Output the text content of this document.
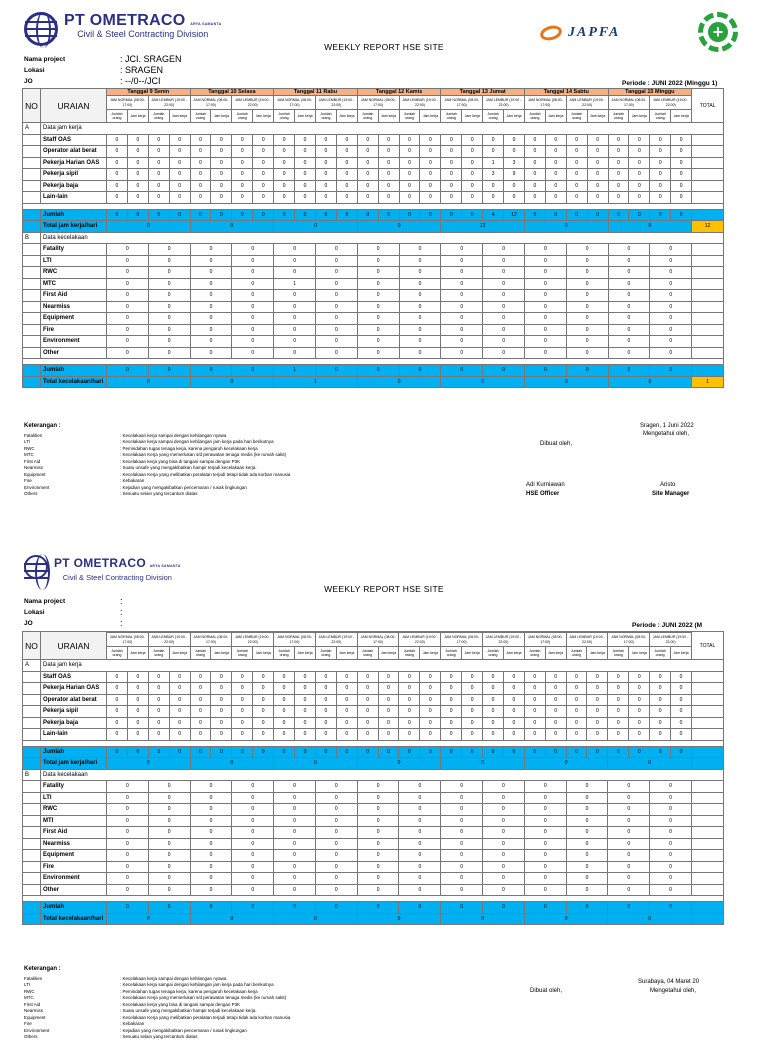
PT OMETRACO ARYA SAMANTA
Civil & Steel Contracting Division	JAPFA	+
WEEKLY REPORT HSE SITE
Nama project	: JCI. SRAGEN
Lokasi	: SRAGEN
JO	: --/0--/JCI	Periode : JUNI 2022 (Minggu 1)
NO	URAIAN	Tanggal 9 Senin				Tanggal 10 Selasa				Tanggal 11 Rabu				Tanggal 12 Kamis				Tanggal 13 Jumat				Tanggal 14 Sabtu				Tanggal 15 Minggu				TOTAL
		JAM NORMAL (08:00-17:00)		JAM LEMBUR (19:00 - 22:00)		JAM NORMAL (08:00-17:00)		JAM LEMBUR (19:00 - 22:00)		JAM NORMAL (08:00-17:00)		JAM LEMBUR (19:00 - 22:00)		JAM NORMAL (08:00-17:00)		JAM LEMBUR (19:00 - 22:00)		JAM NORMAL (08:00-17:00)		JAM LEMBUR (19:00 - 22:00)		JAM NORMAL (08:00-17:00)		JAM LEMBUR (19:00 - 22:00)		JAM NORMAL (08:00-17:00)		JAM LEMBUR (19:00 - 22:00)		
		Jumlah orang	Jam kerja	Jumlah orang	Jam kerja	Jumlah orang	Jam kerja	Jumlah orang	Jam kerja	Jumlah orang	Jam kerja	Jumlah orang	Jam kerja	Jumlah orang	Jam kerja	Jumlah orang	Jam kerja	Jumlah orang	Jam kerja	Jumlah orang	Jam kerja	Jumlah orang	Jam kerja	Jumlah orang	Jam kerja	Jumlah orang	Jam kerja	Jumlah orang	Jam kerja	
A	Data jam kerja																													
	Staff OAS	0	0	0	0	0	0	0	0	0	0	0	0	0	0	0	0	0	0	0	0	0	0	0	0	0	0	0	0	
	Operator alat berat	0	0	0	0	0	0	0	0	0	0	0	0	0	0	0	0	0	0	0	0	0	0	0	0	0	0	0	0	
	Pekerja Harian OAS	0	0	0	0	0	0	0	0	0	0	0	0	0	0	0	0	0	0	1	3	0	0	0	0	0	0	0	0	
	Pekerja sipil	0	0	0	0	0	0	0	0	0	0	0	0	0	0	0	0	0	0	3	9	0	0	0	0	0	0	0	0	
	Pekerja baja	0	0	0	0	0	0	0	0	0	0	0	0	0	0	0	0	0	0	0	0	0	0	0	0	0	0	0	0	
	Lain-lain	0	0	0	0	0	0	0	0	0	0	0	0	0	0	0	0	0	0	0	0	0	0	0	0	0	0	0	0	

	Jumlah	0	0	0	0	0	0	0	0	0	0	0	0	0	0	0	0	0	0	4	12	0	0	0	0	0	0	0	0	
	Total jam kerja/hari	0				0				0				0				12				0				0				12
B	Data kecelakaan																													
	Fatality	0		0		0		0		0		0		0		0		0		0		0		0		0		0		
	LTI	0		0		0		0		0		0		0		0		0		0		0		0		0		0		
	RWC	0		0		0		0		0		0		0		0		0		0		0		0		0		0		
	MTC	0		0		0		0		1		0		0		0		0		0		0		0		0		0		
	First Aid	0		0		0		0		0		0		0		0		0		0		0		0		0		0		
	Nearmiss	0		0		0		0		0		0		0		0		0		0		0		0		0		0		
	Equipment	0		0		0		0		0		0		0		0		0		0		0		0		0		0		
	Fire	0		0		0		0		0		0		0		0		0		0		0		0		0		0		
	Environment	0		0		0		0		0		0		0		0		0		0		0		0		0		0		
	Other	0		0		0		0		0		0		0		0		0		0		0		0		0		0		

	Jumlah	0		0		0		0		1		0		0		0		0		0		0		0		0		0		
	Total kecelakaan/hari	0				0				1				0				0				0				0				1
Keterangan :
Fatalities	: Kecelakaan kerja sampai dengan kehilangan nyawa
LTI	: Kecelakaan kerja sampai dengan kehilangan jam kerja pada hari berikutnya
RWC	: Pemindahan tugas tenaga kerja, karena pengaruh kecelakaan kerja
MTC	: Kecelakaan Kerja yang memerlukan s/d perawatan tenaga medis (ke rumah sakit)
First Aid	: Kecelakaan kerja yang bisa di tangani sampai dengan P3K
Nearmiss	: Suatu unsafe yang mengakibatkan hampir terjadi kecelakaan kerja.
Equipment	: Kecelakaan Kerja yang melibatkan peralatan terjadi tetapi tidak ada korban manusia
Fire	: Kebakaran
Environment	: Kejadian yang mengakibatkan pencemaran / rusak lingkungan
Others	: Sesuatu selain yang tercantum diatas
Sragen, 1 Juni 2022
Mengetahui oleh,
Dibuat oleh,
Adi Kurniawan
HSE Officer
Aristo
Site Manager
PT OMETRACO ARYA SAMANTA
Civil & Steel Contracting Division
WEEKLY REPORT HSE SITE
Nama project	:
Lokasi	:
JO	:	Periode : JUNI 2022 (M
NO	URAIAN																													TOTAL
		JAM NORMAL (08:00-17:00)		JAM LEMBUR (19:00 - 22:00)		JAM NORMAL (08:00-17:00)		JAM LEMBUR (19:00 - 22:00)		JAM NORMAL (08:00-17:00)		JAM LEMBUR (19:00 - 22:00)		JAM NORMAL (08:00-17:00)		JAM LEMBUR (19:00 - 22:00)		JAM NORMAL (08:00-17:00)		JAM LEMBUR (19:00 - 22:00)		JAM NORMAL (08:00-17:00)		JAM LEMBUR (19:00 - 22:00)		JAM NORMAL (08:00-17:00)		JAM LEMBUR (19:00 - 22:00)		
		Jumlah orang	Jam kerja	Jumlah orang	Jam kerja	Jumlah orang	Jam kerja	Jumlah orang	Jam kerja	Jumlah orang	Jam kerja	Jumlah orang	Jam kerja	Jumlah orang	Jam kerja	Jumlah orang	Jam kerja	Jumlah orang	Jam kerja	Jumlah orang	Jam kerja	Jumlah orang	Jam kerja	Jumlah orang	Jam kerja	Jumlah orang	Jam kerja	Jumlah orang	Jam kerja	
A	Data jam kerja																													
	Staff OAS	0	0	0	0	0	0	0	0	0	0	0	0	0	0	0	0	0	0	0	0	0	0	0	0	0	0	0	0	
	Pekerja Harian OAS	0	0	0	0	0	0	0	0	0	0	0	0	0	0	0	0	0	0	0	0	0	0	0	0	0	0	0	0	
	Operator alat berat	0	0	0	0	0	0	0	0	0	0	0	0	0	0	0	0	0	0	0	0	0	0	0	0	0	0	0	0	
	Pekerja sipil	0	0	0	0	0	0	0	0	0	0	0	0	0	0	0	0	0	0	0	0	0	0	0	0	0	0	0	0	
	Pekerja baja	0	0	0	0	0	0	0	0	0	0	0	0	0	0	0	0	0	0	0	0	0	0	0	0	0	0	0	0	
	Lain-lain	0	0	0	0	0	0	0	0	0	0	0	0	0	0	0	0	0	0	0	0	0	0	0	0	0	0	0	0	

	Jumlah	0	0	0	0	0	0	0	0	0	0	0	0	0	0	0	0	0	0	0	0	0	0	0	0	0	0	0	0	
	Total jam kerja/hari	0				0				0				0				0				0				0				
B	Data kecelakaan																													
	Fatality	0		0		0		0		0		0		0		0		0		0		0		0		0		0		
	LTI	0		0		0		0		0		0		0		0		0		0		0		0		0		0		
	RWC	0		0		0		0		0		0		0		0		0		0		0		0		0		0		
	MTI	0		0		0		0		0		0		0		0		0		0		0		0		0		0		
	First Aid	0		0		0		0		0		0		0		0		0		0		0		0		0		0		
	Nearmiss	0		0		0		0		0		0		0		0		0		0		0		0		0		0		
	Equipment	0		0		0		0		0		0		0		0		0		0		0		0		0		0		
	Fire	0		0		0		0		0		0		0		0		0		0		0		0		0		0		
	Environment	0		0		0		0		0		0		0		0		0		0		0		0		0		0		
	Other	0		0		0		0		0		0		0		0		0		0		0		0		0		0		

	Jumlah	0		0		0		0		0		0		0		0		0		0		0		0		0		0		
	Total kecelakaan/hari	0				0				0				0				0				0				0				
Keterangan :
Fatalities	: Kecelakaan kerja sampai dengan kehilangan nyawa
LTI	: Kecelakaan kerja sampai dengan kehilangan jam kerja pada hari berikutnya
RWC	: Pemindahan tugas tenaga kerja, karena pengaruh kecelakaan kerja
MTC	: Kecelakaan Kerja yang memerlukan s/d perawatan tenaga medis (ke rumah sakit)
First Aid	: Kecelakaan kerja yang bisa di tangani sampai dengan P3K
Nearmiss	: Suatu unsafe yang mengakibatkan hampir terjadi kecelakaan kerja.
Equipment	: Kecelakaan Kerja yang melibatkan peralatan terjadi tetapi tidak ada korban manusia
Fire	: Kebakaran
Environment	: Kejadian yang mengakibatkan pencemaran / rusak lingkungan
Others	: Sesuatu selain yang tercantum diatas
Surabaya, 04 Maret 20
Mengetahui oleh,
Dibuat oleh,
